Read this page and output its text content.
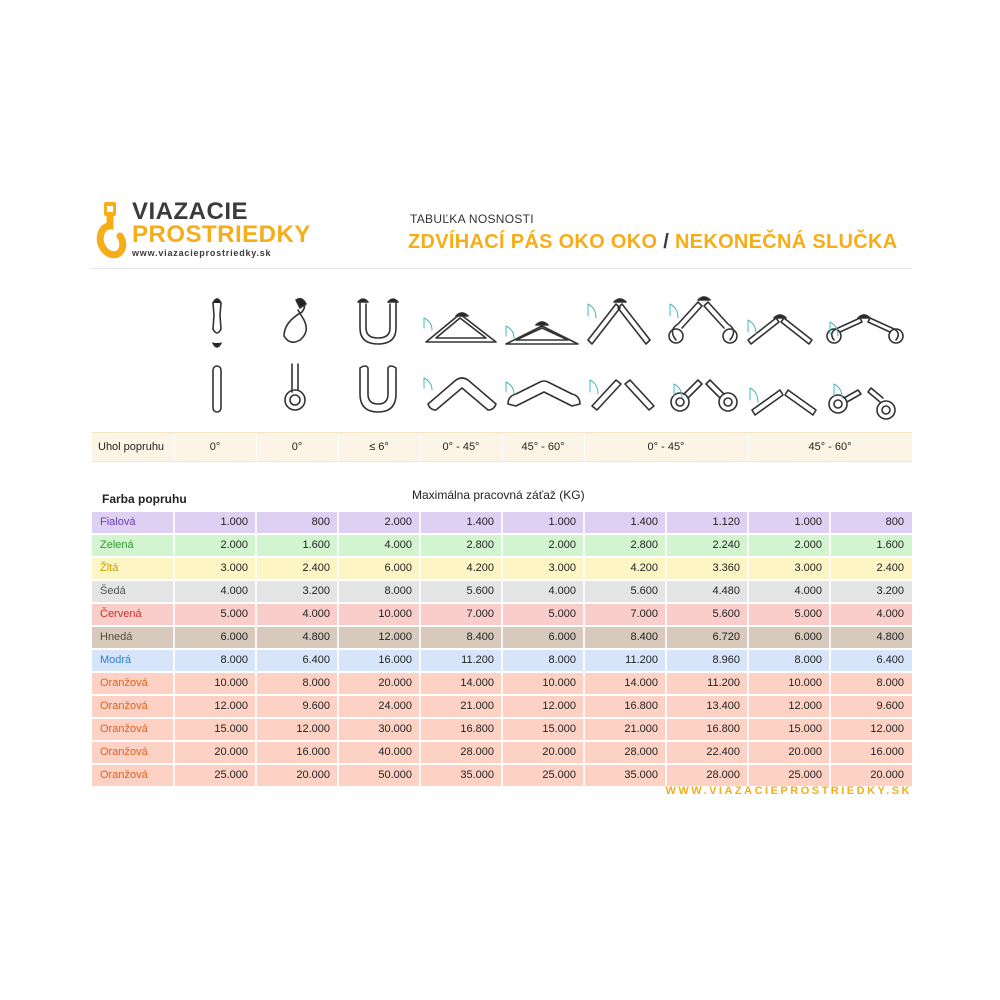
VIAZACIE
PROSTRIEDKY
www.viazacieprostriedky.sk
TABUĽKA NOSNOSTI
ZDVÍHACÍ PÁS OKO OKO / NEKONEČNÁ SLUČKA
Uhol popruhu	0°	0°	≤ 6°	0° - 45°	45° - 60°	0° - 45°	45° - 60°
Farba popruhu	Maximálna pracovná záťaž (KG)
Fialová	1.000	800	2.000	1.400	1.000	1.400	1.120	1.000	800
Zelená	2.000	1.600	4.000	2.800	2.000	2.800	2.240	2.000	1.600
Žltá	3.000	2.400	6.000	4.200	3.000	4.200	3.360	3.000	2.400
Šedá	4.000	3.200	8.000	5.600	4.000	5.600	4.480	4.000	3.200
Červená	5.000	4.000	10.000	7.000	5.000	7.000	5.600	5.000	4.000
Hnedá	6.000	4.800	12.000	8.400	6.000	8.400	6.720	6.000	4.800
Modrá	8.000	6.400	16.000	11.200	8.000	11.200	8.960	8.000	6.400
Oranžová	10.000	8.000	20.000	14.000	10.000	14.000	11.200	10.000	8.000
Oranžová	12.000	9.600	24.000	21.000	12.000	16.800	13.400	12.000	9.600
Oranžová	15.000	12.000	30.000	16.800	15.000	21.000	16.800	15.000	12.000
Oranžová	20.000	16.000	40.000	28.000	20.000	28.000	22.400	20.000	16.000
Oranžová	25.000	20.000	50.000	35.000	25.000	35.000	28.000	25.000	20.000
WWW.VIAZACIEPROSTRIEDKY.SK
